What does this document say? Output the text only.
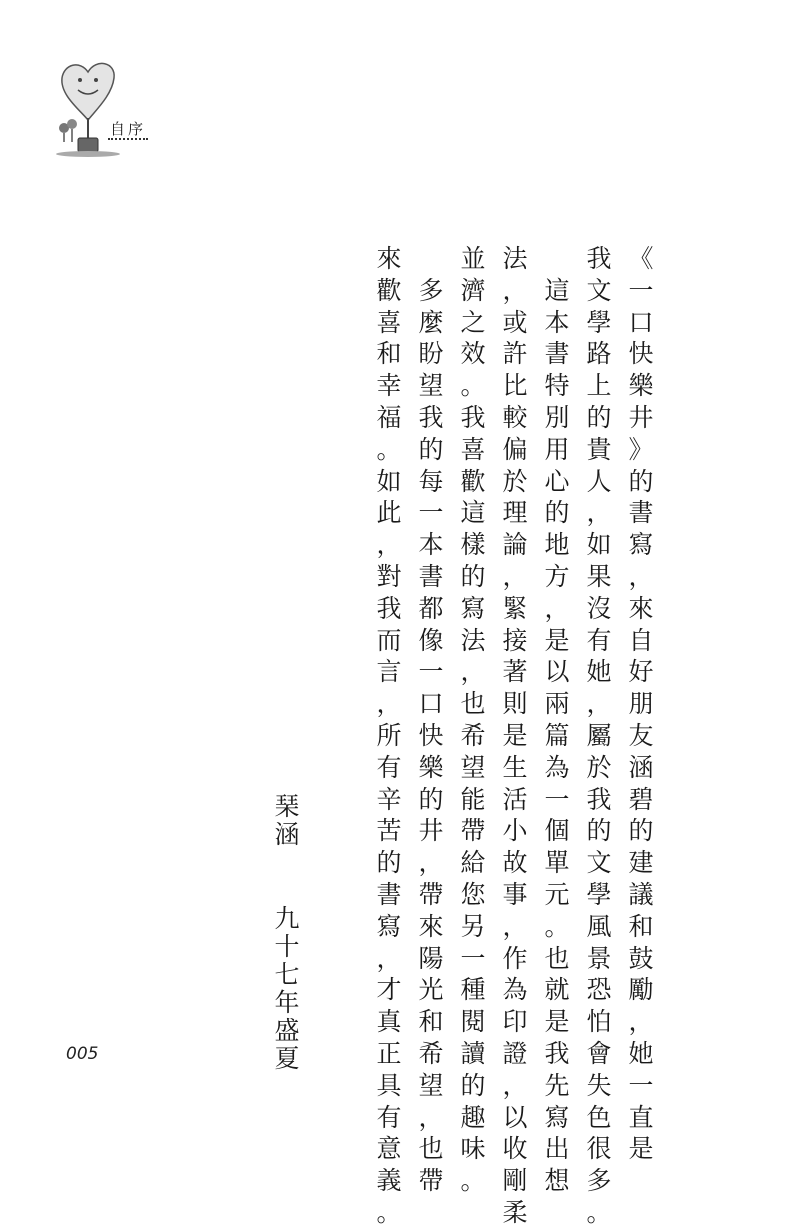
自序
《
一
口
快
樂
井
》
的
書
寫
，
來
自
好
朋
友
涵
碧
的
建
議
和
鼓
勵
，
她
一
直
是
我
文
學
路
上
的
貴
人
，
如
果
沒
有
她
，
屬
於
我
的
文
學
風
景
恐
怕
會
失
色
很
多
。
這
本
書
特
別
用
心
的
地
方
，
是
以
兩
篇
為
一
個
單
元
。
也
就
是
我
先
寫
出
想
法
，
或
許
比
較
偏
於
理
論
，
緊
接
著
則
是
生
活
小
故
事
，
作
為
印
證
，
以
收
剛
柔
並
濟
之
效
。
我
喜
歡
這
樣
的
寫
法
，
也
希
望
能
帶
給
您
另
一
種
閱
讀
的
趣
味
。
多
麼
盼
望
我
的
每
一
本
書
都
像
一
口
快
樂
的
井
，
帶
來
陽
光
和
希
望
，
也
帶
來
歡
喜
和
幸
福
。
如
此
，
對
我
而
言
，
所
有
辛
苦
的
書
寫
，
才
真
正
具
有
意
義
。
琹
涵
九
十
七
年
盛
夏
005
